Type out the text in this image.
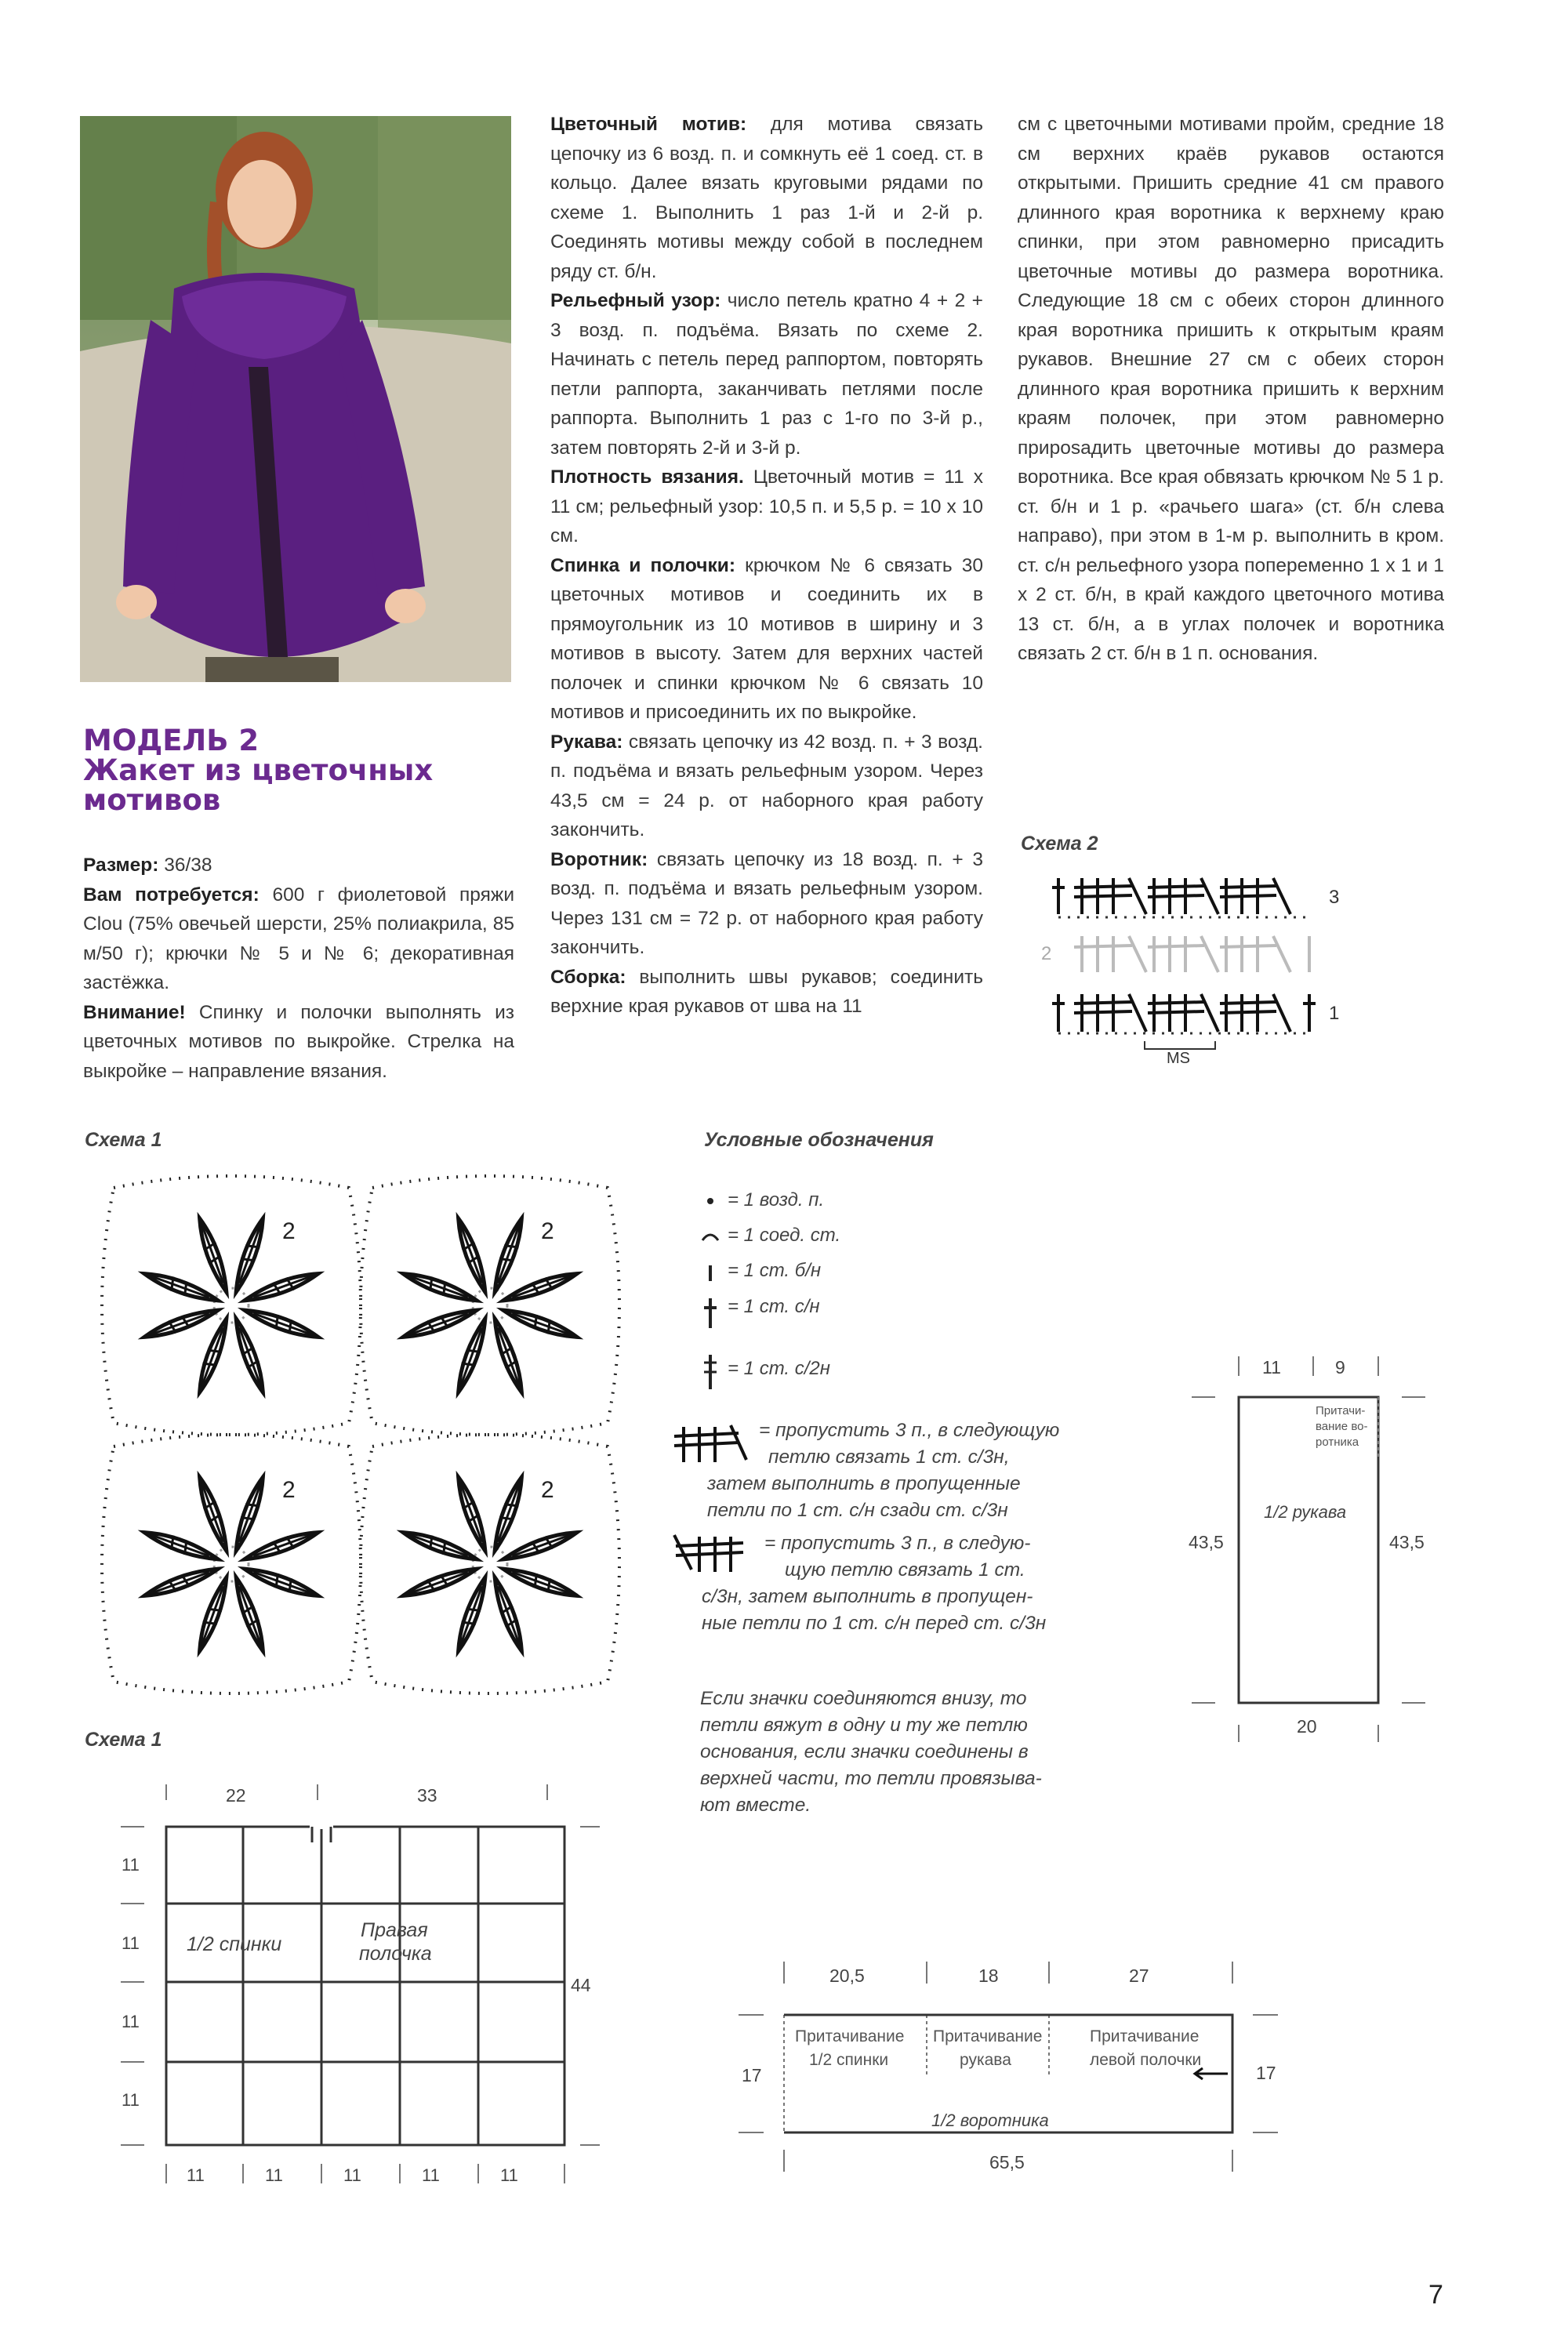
МОДЕЛЬ 2
Жакет из цветочных
мотивов

Размер: 36/38

Вам потребуется: 600 г фиолетовой пряжи Clou (75% овечьей шерсти, 25% полиакрила, 85 м/50 г); крючки № 5 и № 6; декоративная застёжка.

Внимание! Спинку и полочки выполнять из цветочных мотивов по выкройке. Стрелка на выкройке – направление вязания.

Цветочный мотив: для мотива связать цепочку из 6 возд. п. и сомкнуть её 1 соед. ст. в кольцо. Далее вязать круговыми рядами по схеме 1. Выполнить 1 раз 1-й и 2-й р. Соединять мотивы между собой в последнем ряду ст. б/н.

Рельефный узор: число петель кратно 4 + 2 + 3 возд. п. подъёма. Вязать по схеме 2. Начинать с петель перед раппортом, повторять петли раппорта, заканчивать петлями после раппорта. Выполнить 1 раз с 1-го по 3-й р., затем повторять 2-й и 3-й р.

Плотность вязания. Цветочный мотив = 11 x 11 см; рельефный узор: 10,5 п. и 5,5 р. = 10 x 10 см.

Спинка и полочки: крючком № 6 связать 30 цветочных мотивов и соединить их в прямоугольник из 10 мотивов в ширину и 3 мотивов в высоту. Затем для верхних частей полочек и спинки крючком № 6 связать 10 мотивов и присоединить их по выкройке.

Рукава: связать цепочку из 42 возд. п. + 3 возд. п. подъёма и вязать рельефным узором. Через 43,5 см = 24 р. от наборного края работу закончить.

Воротник: связать цепочку из 18 возд. п. + 3 возд. п. подъёма и вязать рельефным узором. Через 131 см = 72 р. от наборного края работу закончить.

Сборка: выполнить швы рукавов; соединить верхние края рукавов от шва на 11

см с цветочными мотивами пройм, средние 18 см верхних краёв рукавов остаются открытыми. Пришить средние 41 см правого длинного края воротника к верхнему краю спинки, при этом равномерно присадить цветочные мотивы до размера воротника. Следующие 18 см с обеих сторон длинного края воротника пришить к открытым краям рукавов. Внешние 27 см с обеих сторон длинного края воротника пришить к верхним краям полочек, при этом равномерно приposадить цветочные мотивы до размера воротника. Все края обвязать крючком № 5 1 р. ст. б/н и 1 р. «рачьего шага» (ст. б/н слева направо), при этом в 1-м р. выполнить в кром. ст. с/н рельефного узора попеременно 1 x 1 и 1 x 2 ст. б/н, в край каждого цветочного мотива 13 ст. б/н, а в углах полочек и воротника связать 2 ст. б/н в 1 п. основания.

Схема 2
3
2
1
MS
Схема 1
2	2
2	2
Условные обозначения
= 1 возд. п.
= 1 соед. ст.
= 1 ст. б/н
= 1 ст. с/н
= 1 ст. с/2н
= пропустить 3 п., в следующую
петлю связать 1 ст. с/3н,
затем выполнить в пропущенные
петли по 1 ст. с/н сзади ст. с/3н
= пропустить 3 п., в следую-
щую петлю связать 1 ст.
с/3н, затем выполнить в пропущен-
ные петли по 1 ст. с/н перед ст. с/3н
Если значки соединяются внизу, то
петли вяжут в одну и ту же петлю
основания, если значки соединены в
верхней части, то петли провязыва-
ют вместе.
11	9
43,5	43,5
20
1/2 рукава
Притачи-
вание во-
ротника
Схема 1
22	33
11
11
11
11
44
11	11	11	11	11
1/2 спинки
Правая
полочка
20,5	18	27
17	17
65,5
Притачивание
1/2 спинки
Притачивание
рукава
Притачивание
левой полочки
1/2 воротника
7
